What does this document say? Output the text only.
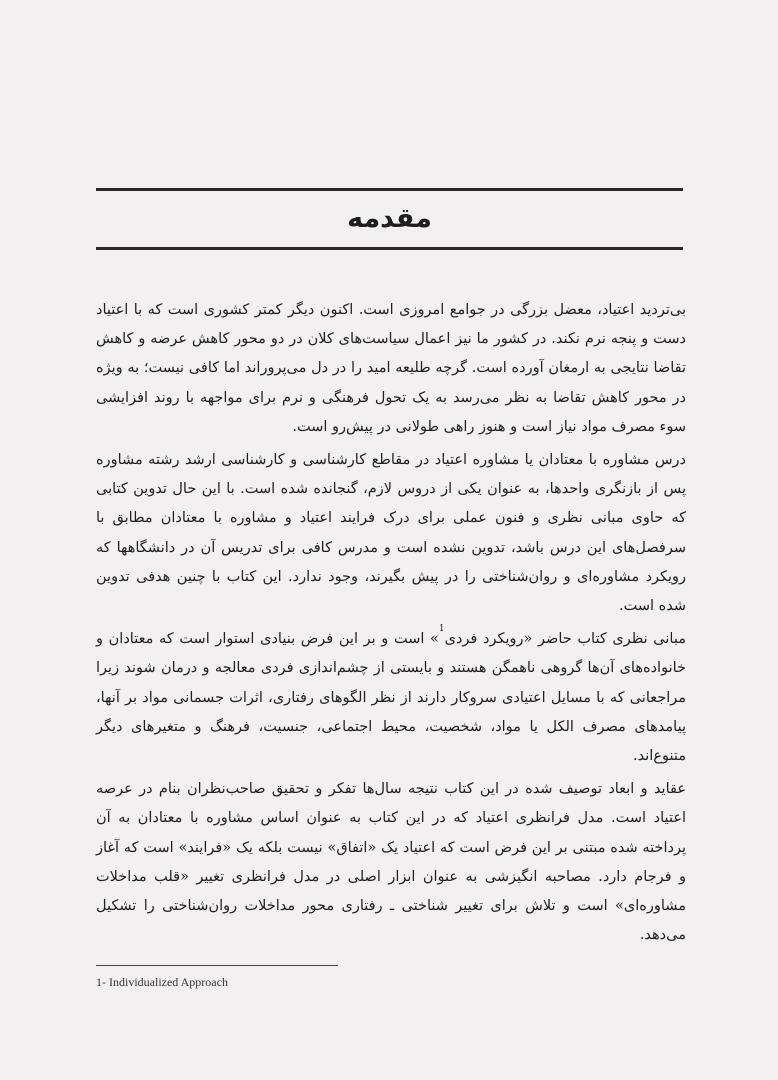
مقدمه

بی‌تردید اعتیاد، معضل بزرگی در جوامع امروزی است. اکنون دیگر کمتر کشوری است که با اعتیاد دست و پنجه نرم نکند. در کشور ما نیز اعمال سیاست‌های کلان در دو محور کاهش عرضه و کاهش تقاضا نتایجی به ارمغان آورده است. گرچه طلیعه امید را در دل می‌پروراند اما کافی نیست؛ به ویژه در محور کاهش تقاضا به نظر می‌رسد به یک تحول فرهنگی و نرم برای مواجهه با روند افزایشی سوء مصرف مواد نیاز است و هنوز راهی طولانی در پیش‌رو است.

درس مشاوره با معتادان یا مشاوره اعتیاد در مقاطع کارشناسی و کارشناسی ارشد رشته مشاوره پس از بازنگری واحدها، به عنوان یکی از دروس لازم، گنجانده شده است. با این حال تدوین کتابی که حاوی مبانی نظری و فنون عملی برای درک فرایند اعتیاد و مشاوره با معتادان مطابق با سرفصل‌های این درس باشد، تدوین نشده است و مدرس کافی برای تدریس آن در دانشگاهها که رویکرد مشاوره‌ای و روان‌شناختی را در پیش بگیرند، وجود ندارد. این کتاب با چنین هدفی تدوین شده است.

مبانی نظری کتاب حاضر «رویکرد فردی$^1$» است و بر این فرض بنیادی استوار است که معتادان و خانواده‌های آن‌ها گروهی ناهمگن هستند و بایستی از چشم‌اندازی فردی معالجه و درمان شوند زیرا مراجعانی که با مسایل اعتیادی سروکار دارند از نظر الگوهای رفتاری، اثرات جسمانی مواد بر آنها، پیامدهای مصرف الکل یا مواد، شخصیت، محیط اجتماعی، جنسیت، فرهنگ و متغیرهای دیگر متنوع‌اند.

عقاید و ابعاد توصیف شده در این کتاب نتیجه سال‌ها تفکر و تحقیق صاحب‌نظران بنام در عرصه اعتیاد است. مدل فرانظری اعتیاد که در این کتاب به عنوان اساس مشاوره با معتادان به آن پرداخته شده مبتنی بر این فرض است که اعتیاد یک «اتفاق» نیست بلکه یک «فرایند» است که آغاز و فرجام دارد. مصاحبه انگیزشی به عنوان ابزار اصلی در مدل فرانظری تغییر «قلب مداخلات مشاوره‌ای» است و تلاش برای تغییر شناختی ـ رفتاری محور مداخلات روان‌شناختی را تشکیل می‌دهد.

1- Individualized Approach
